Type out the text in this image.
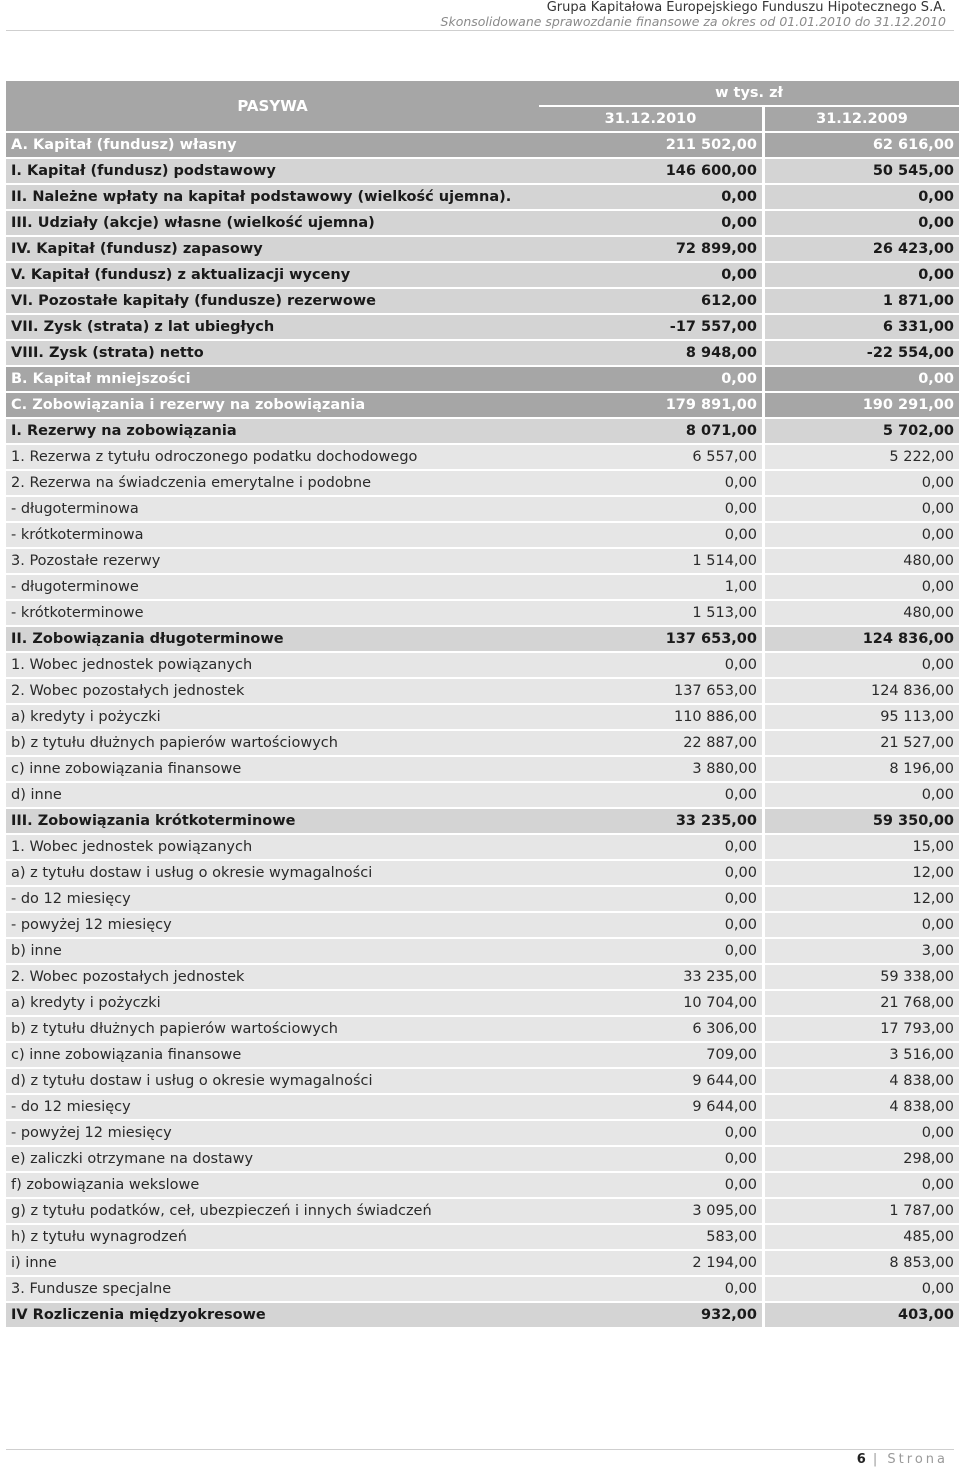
Grupa Kapitałowa Europejskiego Funduszu Hipotecznego S.A.
Skonsolidowane sprawozdanie finansowe za okres od 01.01.2010 do 31.12.2010
PASYWA	w tys. zł	
	31.12.2010	31.12.2009
A. Kapitał (fundusz) własny	211 502,00	62 616,00
I. Kapitał (fundusz) podstawowy	146 600,00	50 545,00
II. Należne wpłaty na kapitał podstawowy (wielkość ujemna).	0,00	0,00
III. Udziały (akcje) własne (wielkość ujemna)	0,00	0,00
IV. Kapitał (fundusz) zapasowy	72 899,00	26 423,00
V. Kapitał (fundusz) z aktualizacji wyceny	0,00	0,00
VI. Pozostałe kapitały (fundusze) rezerwowe	612,00	1 871,00
VII. Zysk (strata) z lat ubiegłych	-17 557,00	6 331,00
VIII. Zysk (strata) netto	8 948,00	-22 554,00
B. Kapitał mniejszości	0,00	0,00
C. Zobowiązania i rezerwy na zobowiązania	179 891,00	190 291,00
I. Rezerwy na zobowiązania	8 071,00	5 702,00
1. Rezerwa z tytułu odroczonego podatku dochodowego	6 557,00	5 222,00
2. Rezerwa na świadczenia emerytalne i podobne	0,00	0,00
- długoterminowa	0,00	0,00
- krótkoterminowa	0,00	0,00
3. Pozostałe rezerwy	1 514,00	480,00
- długoterminowe	1,00	0,00
- krótkoterminowe	1 513,00	480,00
II. Zobowiązania długoterminowe	137 653,00	124 836,00
1. Wobec jednostek powiązanych	0,00	0,00
2. Wobec pozostałych jednostek	137 653,00	124 836,00
a) kredyty i pożyczki	110 886,00	95 113,00
b) z tytułu dłużnych papierów wartościowych	22 887,00	21 527,00
c) inne zobowiązania finansowe	3 880,00	8 196,00
d) inne	0,00	0,00
III. Zobowiązania krótkoterminowe	33 235,00	59 350,00
1. Wobec jednostek powiązanych	0,00	15,00
a) z tytułu dostaw i usług o okresie wymagalności	0,00	12,00
- do 12 miesięcy	0,00	12,00
- powyżej 12 miesięcy	0,00	0,00
b) inne	0,00	3,00
2. Wobec pozostałych jednostek	33 235,00	59 338,00
a) kredyty i pożyczki	10 704,00	21 768,00
b) z tytułu dłużnych papierów wartościowych	6 306,00	17 793,00
c) inne zobowiązania finansowe	709,00	3 516,00
d) z tytułu dostaw i usług o okresie wymagalności	9 644,00	4 838,00
- do 12 miesięcy	9 644,00	4 838,00
- powyżej 12 miesięcy	0,00	0,00
e) zaliczki otrzymane na dostawy	0,00	298,00
f) zobowiązania wekslowe	0,00	0,00
g) z tytułu podatków, ceł, ubezpieczeń i innych świadczeń	3 095,00	1 787,00
h) z tytułu wynagrodzeń	583,00	485,00
i) inne	2 194,00	8 853,00
3. Fundusze specjalne	0,00	0,00
IV Rozliczenia międzyokresowe	932,00	403,00
6 | Strona
